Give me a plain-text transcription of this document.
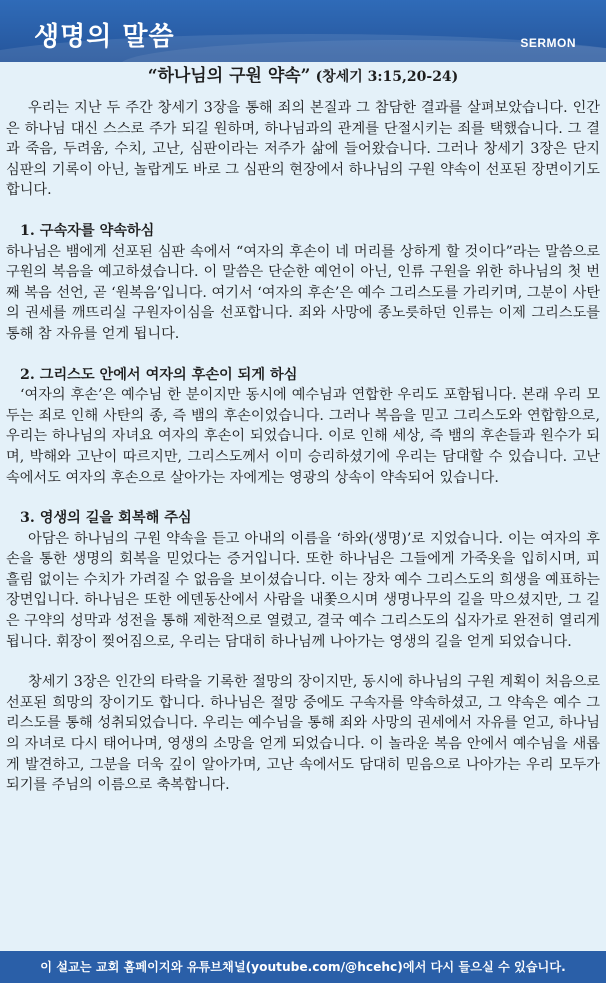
생명의 말씀	SERMON
“하나님의 구원 약속” (창세기 3:15,20-24)

우리는 지난 두 주간 창세기 3장을 통해 죄의 본질과 그 참담한 결과를 살펴보았습니다. 인간은 하나님 대신 스스로 주가 되길 원하며, 하나님과의 관계를 단절시키는 죄를 택했습니다. 그 결과 죽음, 두려움, 수치, 고난, 심판이라는 저주가 삶에 들어왔습니다. 그러나 창세기 3장은 단지 심판의 기록이 아닌, 놀랍게도 바로 그 심판의 현장에서 하나님의 구원 약속이 선포된 장면이기도 합니다.

1. 구속자를 약속하심

하나님은 뱀에게 선포된 심판 속에서 “여자의 후손이 네 머리를 상하게 할 것이다”라는 말씀으로 구원의 복음을 예고하셨습니다. 이 말씀은 단순한 예언이 아닌, 인류 구원을 위한 하나님의 첫 번째 복음 선언, 곧 ‘원복음’입니다. 여기서 ‘여자의 후손’은 예수 그리스도를 가리키며, 그분이 사탄의 권세를 깨뜨리실 구원자이심을 선포합니다. 죄와 사망에 종노릇하던 인류는 이제 그리스도를 통해 참 자유를 얻게 됩니다.

2. 그리스도 안에서 여자의 후손이 되게 하심

‘여자의 후손’은 예수님 한 분이지만 동시에 예수님과 연합한 우리도 포함됩니다. 본래 우리 모두는 죄로 인해 사탄의 종, 즉 뱀의 후손이었습니다. 그러나 복음을 믿고 그리스도와 연합함으로, 우리는 하나님의 자녀요 여자의 후손이 되었습니다. 이로 인해 세상, 즉 뱀의 후손들과 원수가 되며, 박해와 고난이 따르지만, 그리스도께서 이미 승리하셨기에 우리는 담대할 수 있습니다. 고난 속에서도 여자의 후손으로 살아가는 자에게는 영광의 상속이 약속되어 있습니다.

3. 영생의 길을 회복해 주심

아담은 하나님의 구원 약속을 듣고 아내의 이름을 ‘하와(생명)’로 지었습니다. 이는 여자의 후손을 통한 생명의 회복을 믿었다는 증거입니다. 또한 하나님은 그들에게 가죽옷을 입히시며, 피 흘림 없이는 수치가 가려질 수 없음을 보이셨습니다. 이는 장차 예수 그리스도의 희생을 예표하는 장면입니다. 하나님은 또한 에덴동산에서 사람을 내쫓으시며 생명나무의 길을 막으셨지만, 그 길은 구약의 성막과 성전을 통해 제한적으로 열렸고, 결국 예수 그리스도의 십자가로 완전히 열리게 됩니다. 휘장이 찢어짐으로, 우리는 담대히 하나님께 나아가는 영생의 길을 얻게 되었습니다.

창세기 3장은 인간의 타락을 기록한 절망의 장이지만, 동시에 하나님의 구원 계획이 처음으로 선포된 희망의 장이기도 합니다. 하나님은 절망 중에도 구속자를 약속하셨고, 그 약속은 예수 그리스도를 통해 성취되었습니다. 우리는 예수님을 통해 죄와 사망의 권세에서 자유를 얻고, 하나님의 자녀로 다시 태어나며, 영생의 소망을 얻게 되었습니다. 이 놀라운 복음 안에서 예수님을 새롭게 발견하고, 그분을 더욱 깊이 알아가며, 고난 속에서도 담대히 믿음으로 나아가는 우리 모두가 되기를 주님의 이름으로 축복합니다.

이 설교는 교회 홈페이지와 유튜브채널(youtube.com/@hcehc)에서 다시 들으실 수 있습니다.
